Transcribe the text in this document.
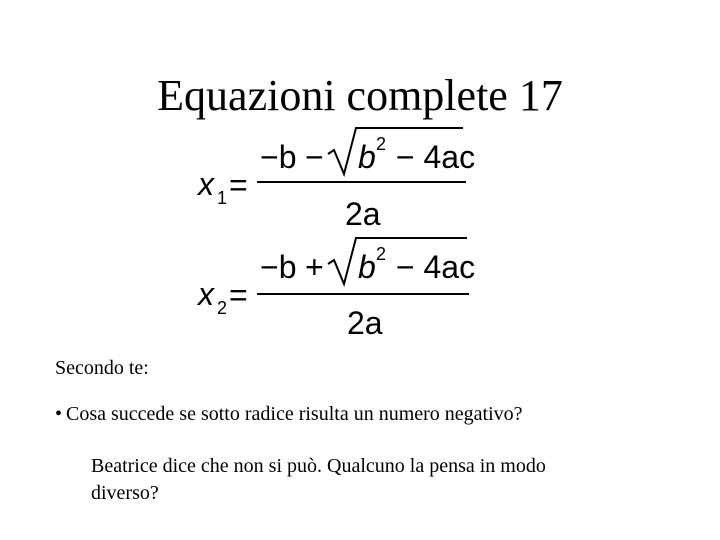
Equazioni complete 17
x 1 =
−b − b 2 − 4ac
2a
x 2 =
−b + b 2 − 4ac
2a
Secondo te:
• Cosa succede se sotto radice risulta un numero negativo?
Beatrice dice che non si può. Qualcuno la pensa in modo diverso?
